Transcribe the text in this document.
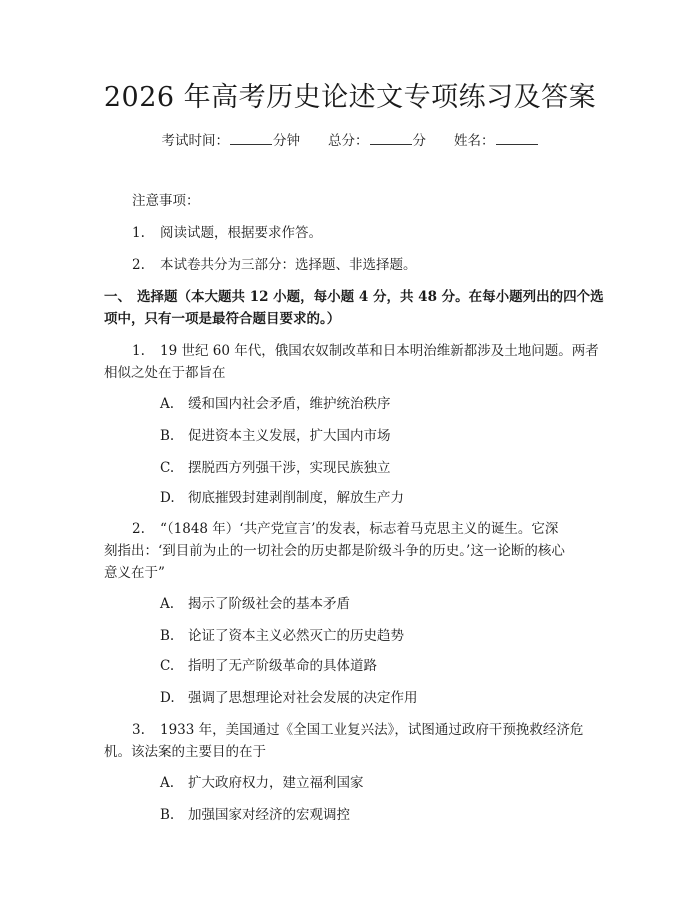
2026 年高考历史论述文专项练习及答案
考试时间：	分钟 总分：	分 姓名：
注意事项：
1. 阅读试题，根据要求作答。
2. 本试卷共分为三部分：选择题、非选择题。
一、 选择题（本大题共 12 小题，每小题 4 分，共 48 分。在每小题列出的四个选
项中，只有一项是最符合题目要求的。）
1. 19 世纪 60 年代，俄国农奴制改革和日本明治维新都涉及土地问题。两者
相似之处在于都旨在
A. 缓和国内社会矛盾，维护统治秩序
B. 促进资本主义发展，扩大国内市场
C. 摆脱西方列强干涉，实现民族独立
D. 彻底摧毁封建剥削制度，解放生产力
2. “（1848 年）‘共产党宣言’的发表，标志着马克思主义的诞生。它深
刻指出：‘到目前为止的一切社会的历史都是阶级斗争的历史。’这一论断的核心
意义在于”
A. 揭示了阶级社会的基本矛盾
B. 论证了资本主义必然灭亡的历史趋势
C. 指明了无产阶级革命的具体道路
D. 强调了思想理论对社会发展的决定作用
3. 1933 年，美国通过《全国工业复兴法》，试图通过政府干预挽救经济危
机。该法案的主要目的在于
A. 扩大政府权力，建立福利国家
B. 加强国家对经济的宏观调控
